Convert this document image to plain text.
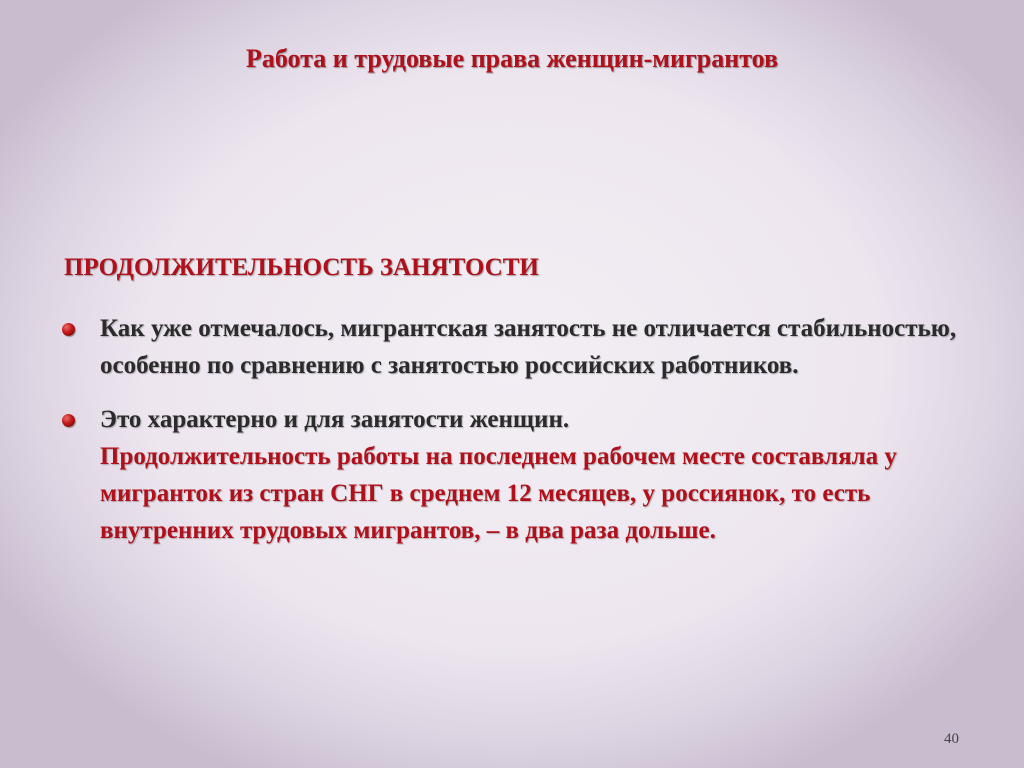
Работа и трудовые права женщин-мигрантов
ПРОДОЛЖИТЕЛЬНОСТЬ ЗАНЯТОСТИ
Как уже отмечалось, мигрантская занятость не отличается стабильностью, особенно по сравнению с занятостью российских работников.
Это характерно и для занятости женщин.
Продолжительность работы на последнем рабочем месте составляла у мигранток из стран СНГ в среднем 12 месяцев, у россиянок, то есть внутренних трудовых мигрантов, – в два раза дольше.
40
